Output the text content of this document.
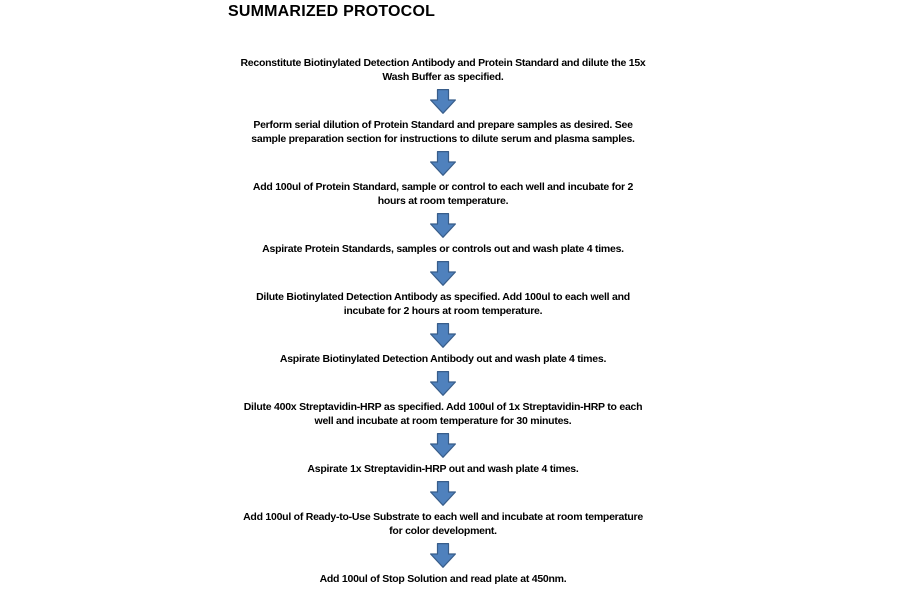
SUMMARIZED PROTOCOL
Reconstitute Biotinylated Detection Antibody and Protein Standard and dilute the 15x
Wash Buffer as specified.
Perform serial dilution of Protein Standard and prepare samples as desired. See
sample preparation section for instructions to dilute serum and plasma samples.
Add 100ul of Protein Standard, sample or control to each well and incubate for 2
hours at room temperature.
Aspirate Protein Standards, samples or controls out and wash plate 4 times.
Dilute Biotinylated Detection Antibody as specified. Add 100ul to each well and
incubate for 2 hours at room temperature.
Aspirate Biotinylated Detection Antibody out and wash plate 4 times.
Dilute 400x Streptavidin-HRP as specified. Add 100ul of 1x Streptavidin-HRP to each
well and incubate at room temperature for 30 minutes.
Aspirate 1x Streptavidin-HRP out and wash plate 4 times.
Add 100ul of Ready-to-Use Substrate to each well and incubate at room temperature
for color development.
Add 100ul of Stop Solution and read plate at 450nm.
